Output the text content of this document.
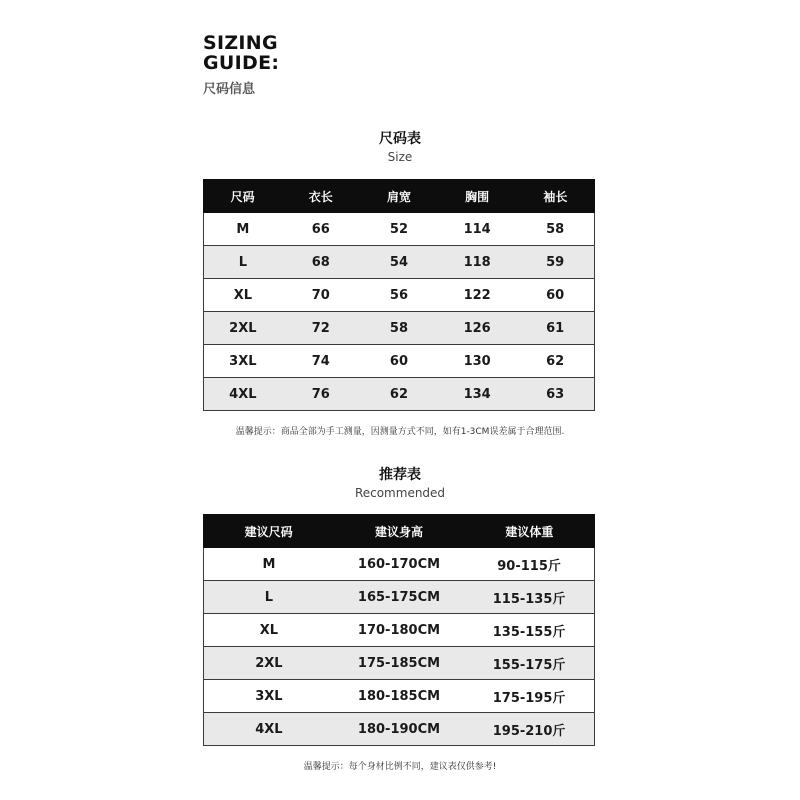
SIZING
GUIDE:
尺码信息
尺码表
Size
尺码	衣长	肩宽	胸围	袖长
M	66	52	114	58
L	68	54	118	59
XL	70	56	122	60
2XL	72	58	126	61
3XL	74	60	130	62
4XL	76	62	134	63
温馨提示：商品全部为手工测量，因测量方式不同，如有1-3CM误差属于合理范围.
推荐表
Recommended
建议尺码	建议身高	建议体重
M	160-170CM	90-115斤
L	165-175CM	115-135斤
XL	170-180CM	135-155斤
2XL	175-185CM	155-175斤
3XL	180-185CM	175-195斤
4XL	180-190CM	195-210斤
温馨提示：每个身材比例不同，建议表仅供参考!
